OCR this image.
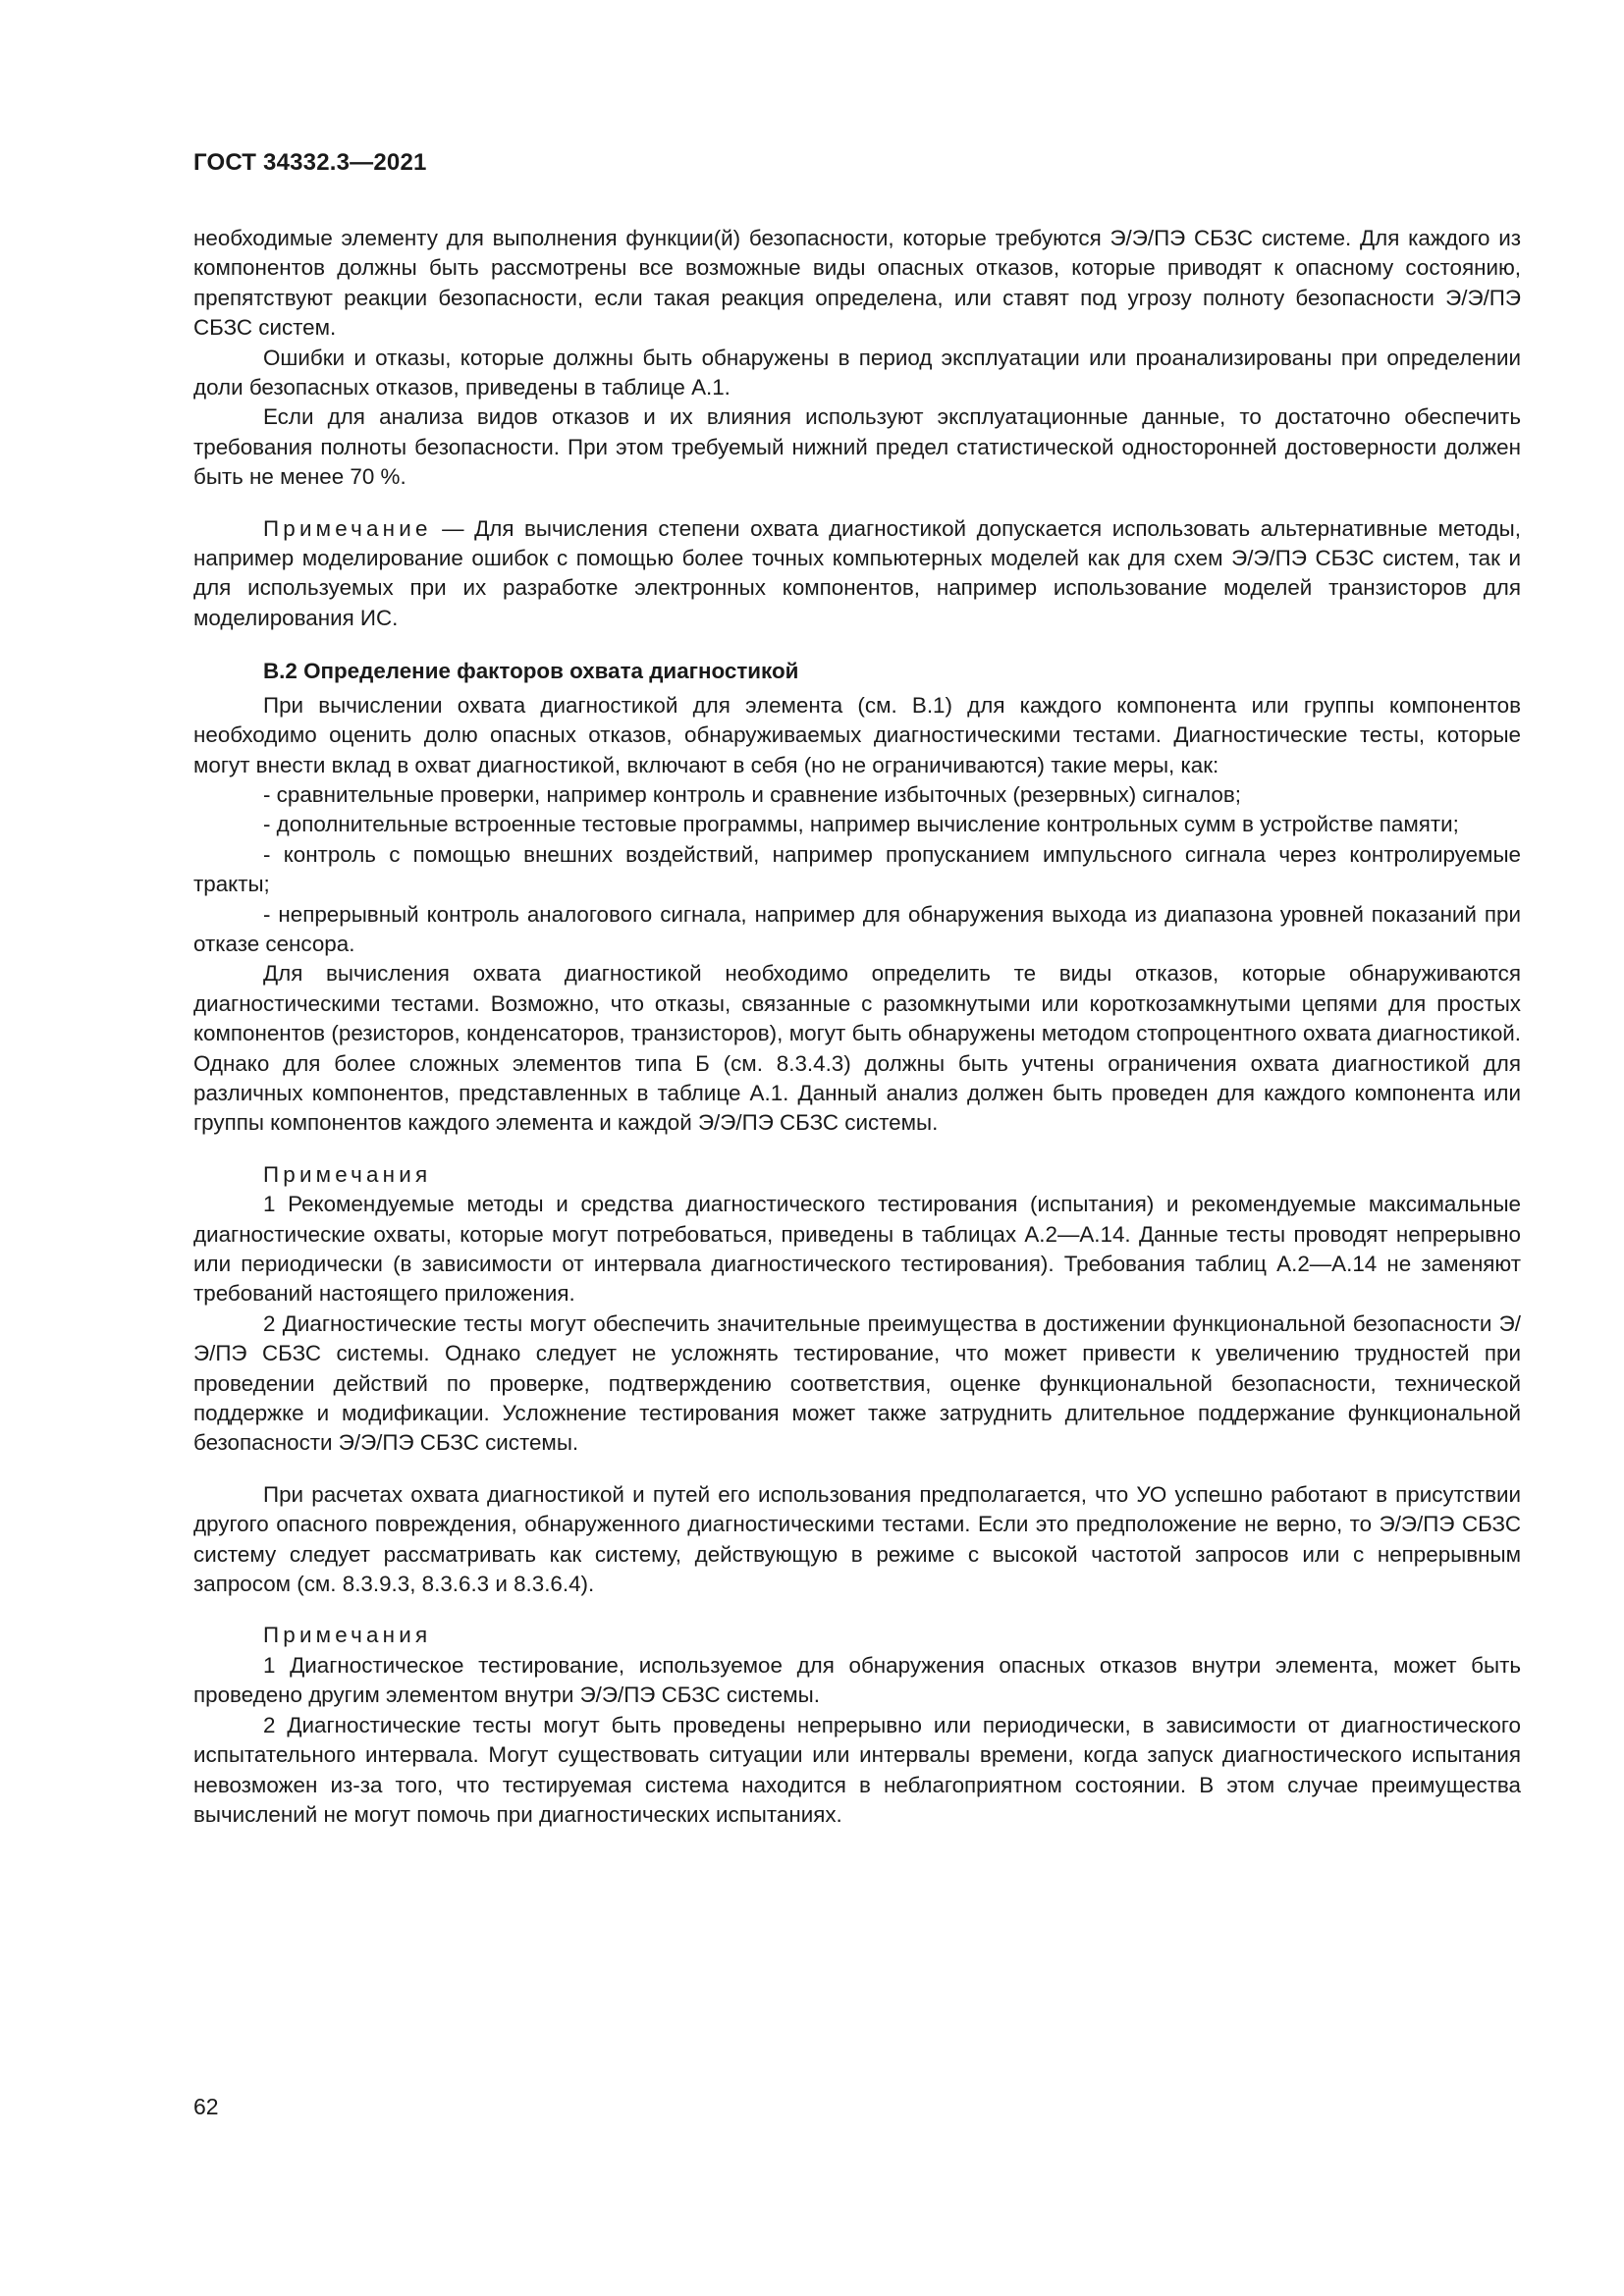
ГОСТ 34332.3—2021

необходимые элементу для выполнения функции(й) безопасности, которые требуются Э/Э/ПЭ СБЗС системе. Для каждого из компонентов должны быть рассмотрены все возможные виды опасных отказов, которые приводят к опасному состоянию, препятствуют реакции безопасности, если такая реакция определена, или ставят под угрозу полноту безопасности Э/Э/ПЭ СБЗС систем.

Ошибки и отказы, которые должны быть обнаружены в период эксплуатации или проанализированы при определении доли безопасных отказов, приведены в таблице А.1.

Если для анализа видов отказов и их влияния используют эксплуатационные данные, то достаточно обеспечить требования полноты безопасности. При этом требуемый нижний предел статистической односторонней достоверности должен быть не менее 70 %.

Примечание — Для вычисления степени охвата диагностикой допускается использовать альтернативные методы, например моделирование ошибок с помощью более точных компьютерных моделей как для схем Э/Э/ПЭ СБЗС систем, так и для используемых при их разработке электронных компонентов, например использование моделей транзисторов для моделирования ИС.

В.2 Определение факторов охвата диагностикой

При вычислении охвата диагностикой для элемента (см. В.1) для каждого компонента или группы компонентов необходимо оценить долю опасных отказов, обнаруживаемых диагностическими тестами. Диагностические тесты, которые могут внести вклад в охват диагностикой, включают в себя (но не ограничиваются) такие меры, как:

- сравнительные проверки, например контроль и сравнение избыточных (резервных) сигналов;

- дополнительные встроенные тестовые программы, например вычисление контрольных сумм в устройстве памяти;

- контроль с помощью внешних воздействий, например пропусканием импульсного сигнала через контролируемые тракты;

- непрерывный контроль аналогового сигнала, например для обнаружения выхода из диапазона уровней показаний при отказе сенсора.

Для вычисления охвата диагностикой необходимо определить те виды отказов, которые обнаруживаются диагностическими тестами. Возможно, что отказы, связанные с разомкнутыми или короткозамкнутыми цепями для простых компонентов (резисторов, конденсаторов, транзисторов), могут быть обнаружены методом стопроцентного охвата диагностикой. Однако для более сложных элементов типа Б (см. 8.3.4.3) должны быть учтены ограничения охвата диагностикой для различных компонентов, представленных в таблице А.1. Данный анализ должен быть проведен для каждого компонента или группы компонентов каждого элемента и каждой Э/Э/ПЭ СБЗС системы.

Примечания

1 Рекомендуемые методы и средства диагностического тестирования (испытания) и рекомендуемые максимальные диагностические охваты, которые могут потребоваться, приведены в таблицах А.2—А.14. Данные тесты проводят непрерывно или периодически (в зависимости от интервала диагностического тестирования). Требования таблиц А.2—А.14 не заменяют требований настоящего приложения.

2 Диагностические тесты могут обеспечить значительные преимущества в достижении функциональной безопасности Э/Э/ПЭ СБЗС системы. Однако следует не усложнять тестирование, что может привести к увеличению трудностей при проведении действий по проверке, подтверждению соответствия, оценке функциональной безопасности, технической поддержке и модификации. Усложнение тестирования может также затруднить длительное поддержание функциональной безопасности Э/Э/ПЭ СБЗС системы.

При расчетах охвата диагностикой и путей его использования предполагается, что УО успешно работают в присутствии другого опасного повреждения, обнаруженного диагностическими тестами. Если это предположение не верно, то Э/Э/ПЭ СБЗС систему следует рассматривать как систему, действующую в режиме с высокой частотой запросов или с непрерывным запросом (см. 8.3.9.3, 8.3.6.3 и 8.3.6.4).

Примечания

1 Диагностическое тестирование, используемое для обнаружения опасных отказов внутри элемента, может быть проведено другим элементом внутри Э/Э/ПЭ СБЗС системы.

2 Диагностические тесты могут быть проведены непрерывно или периодически, в зависимости от диагностического испытательного интервала. Могут существовать ситуации или интервалы времени, когда запуск диагностического испытания невозможен из-за того, что тестируемая система находится в неблагоприятном состоянии. В этом случае преимущества вычислений не могут помочь при диагностических испытаниях.

62
